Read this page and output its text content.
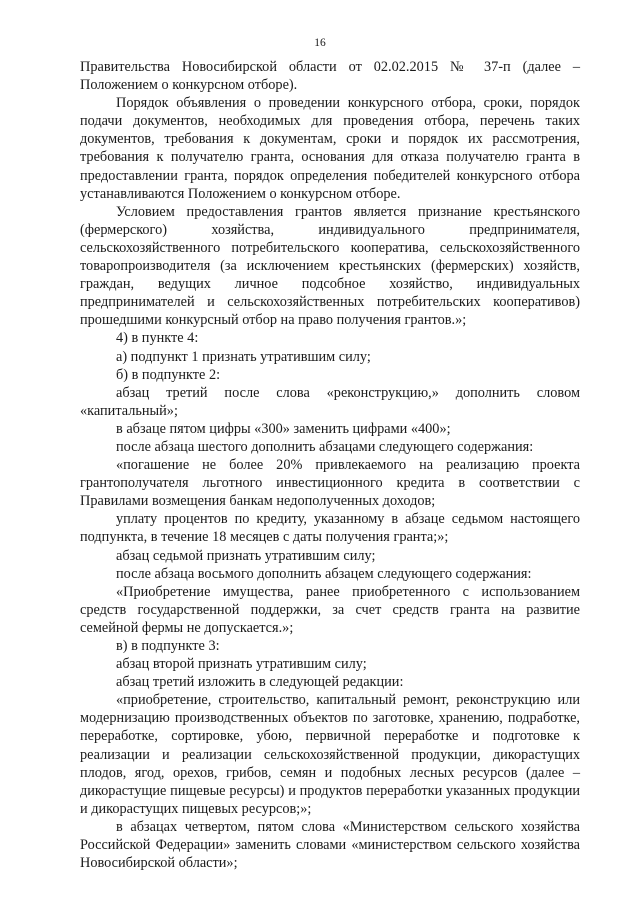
16

Правительства Новосибирской области от 02.02.2015 № 37-п (далее – Положением о конкурсном отборе).

Порядок объявления о проведении конкурсного отбора, сроки, порядок подачи документов, необходимых для проведения отбора, перечень таких документов, требования к документам, сроки и порядок их рассмотрения, требования к получателю гранта, основания для отказа получателю гранта в предоставлении гранта, порядок определения победителей конкурсного отбора устанавливаются Положением о конкурсном отборе.

Условием предоставления грантов является признание крестьянского (фермерского) хозяйства, индивидуального предпринимателя, сельскохозяйственного потребительского кооператива, сельскохозяйственного товаропроизводителя (за исключением крестьянских (фермерских) хозяйств, граждан, ведущих личное подсобное хозяйство, индивидуальных предпринимателей и сельскохозяйственных потребительских кооперативов) прошедшими конкурсный отбор на право получения грантов.»;

4) в пункте 4:

а) подпункт 1 признать утратившим силу;

б) в подпункте 2:

абзац третий после слова «реконструкцию,» дополнить словом «капитальный»;

в абзаце пятом цифры «300» заменить цифрами «400»;

после абзаца шестого дополнить абзацами следующего содержания:

«погашение не более 20% привлекаемого на реализацию проекта грантополучателя льготного инвестиционного кредита в соответствии с Правилами возмещения банкам недополученных доходов;

уплату процентов по кредиту, указанному в абзаце седьмом настоящего подпункта, в течение 18 месяцев с даты получения гранта;»;

абзац седьмой признать утратившим силу;

после абзаца восьмого дополнить абзацем следующего содержания:

«Приобретение имущества, ранее приобретенного с использованием средств государственной поддержки, за счет средств гранта на развитие семейной фермы не допускается.»;

в) в подпункте 3:

абзац второй признать утратившим силу;

абзац третий изложить в следующей редакции:

«приобретение, строительство, капитальный ремонт, реконструкцию или модернизацию производственных объектов по заготовке, хранению, подработке, переработке, сортировке, убою, первичной переработке и подготовке к реализации и реализации сельскохозяйственной продукции, дикорастущих плодов, ягод, орехов, грибов, семян и подобных лесных ресурсов (далее – дикорастущие пищевые ресурсы) и продуктов переработки указанных продукции и дикорастущих пищевых ресурсов;»;

в абзацах четвертом, пятом слова «Министерством сельского хозяйства Российской Федерации» заменить словами «министерством сельского хозяйства Новосибирской области»;
